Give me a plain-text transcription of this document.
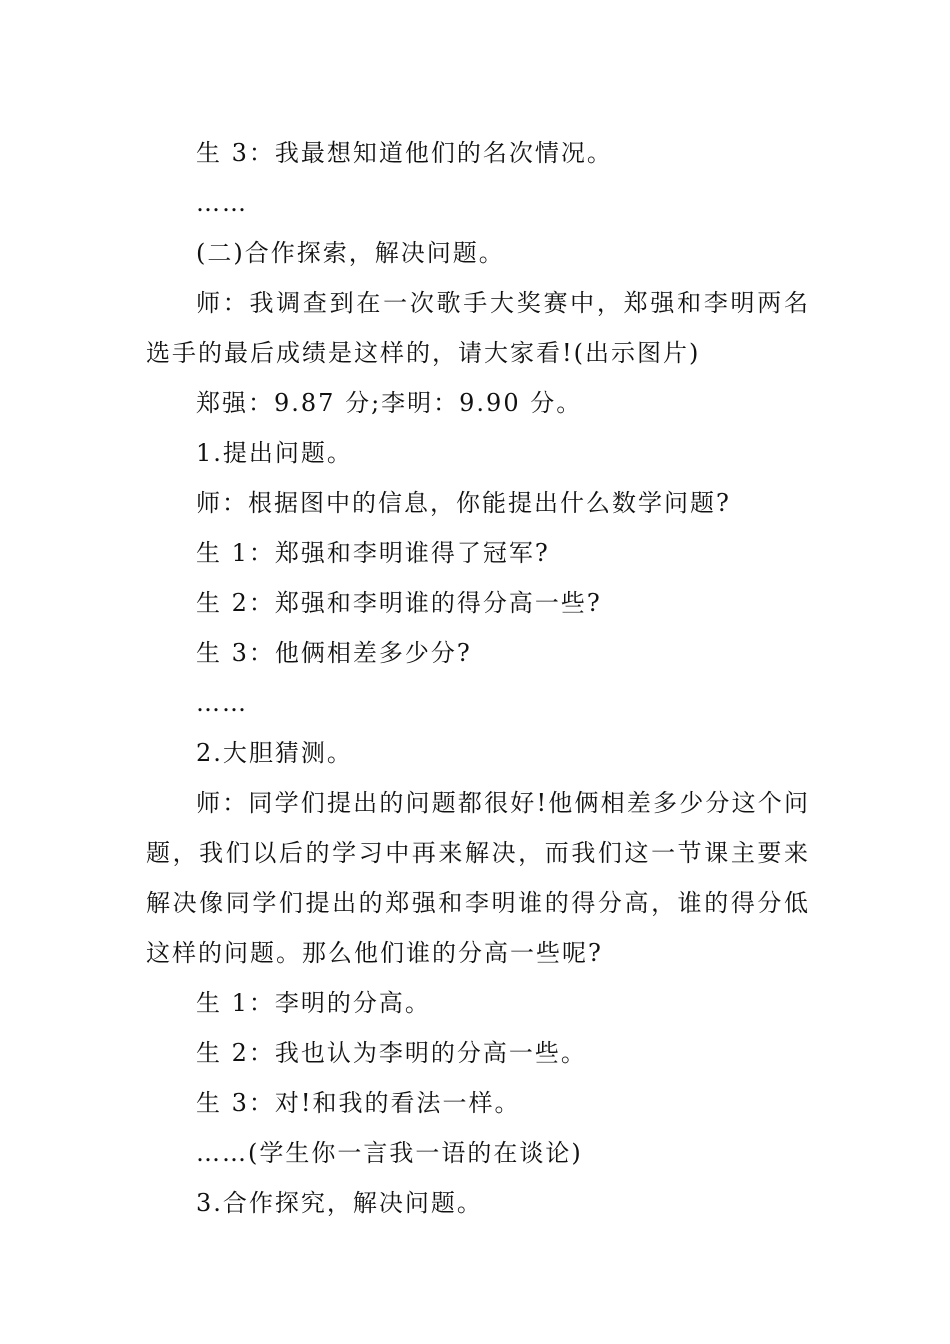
生 3：我最想知道他们的名次情况。

……

(二)合作探索，解决问题。

师：我调查到在一次歌手大奖赛中，郑强和李明两名选手的最后成绩是这样的，请大家看!(出示图片)

郑强：9.87 分;李明：9.90 分。

1.提出问题。

师：根据图中的信息，你能提出什么数学问题?

生 1：郑强和李明谁得了冠军?

生 2：郑强和李明谁的得分高一些?

生 3：他俩相差多少分?

……

2.大胆猜测。

师：同学们提出的问题都很好!他俩相差多少分这个问题，我们以后的学习中再来解决，而我们这一节课主要来解决像同学们提出的郑强和李明谁的得分高，谁的得分低这样的问题。那么他们谁的分高一些呢?

生 1：李明的分高。

生 2：我也认为李明的分高一些。

生 3：对!和我的看法一样。

……(学生你一言我一语的在谈论)

3.合作探究，解决问题。
